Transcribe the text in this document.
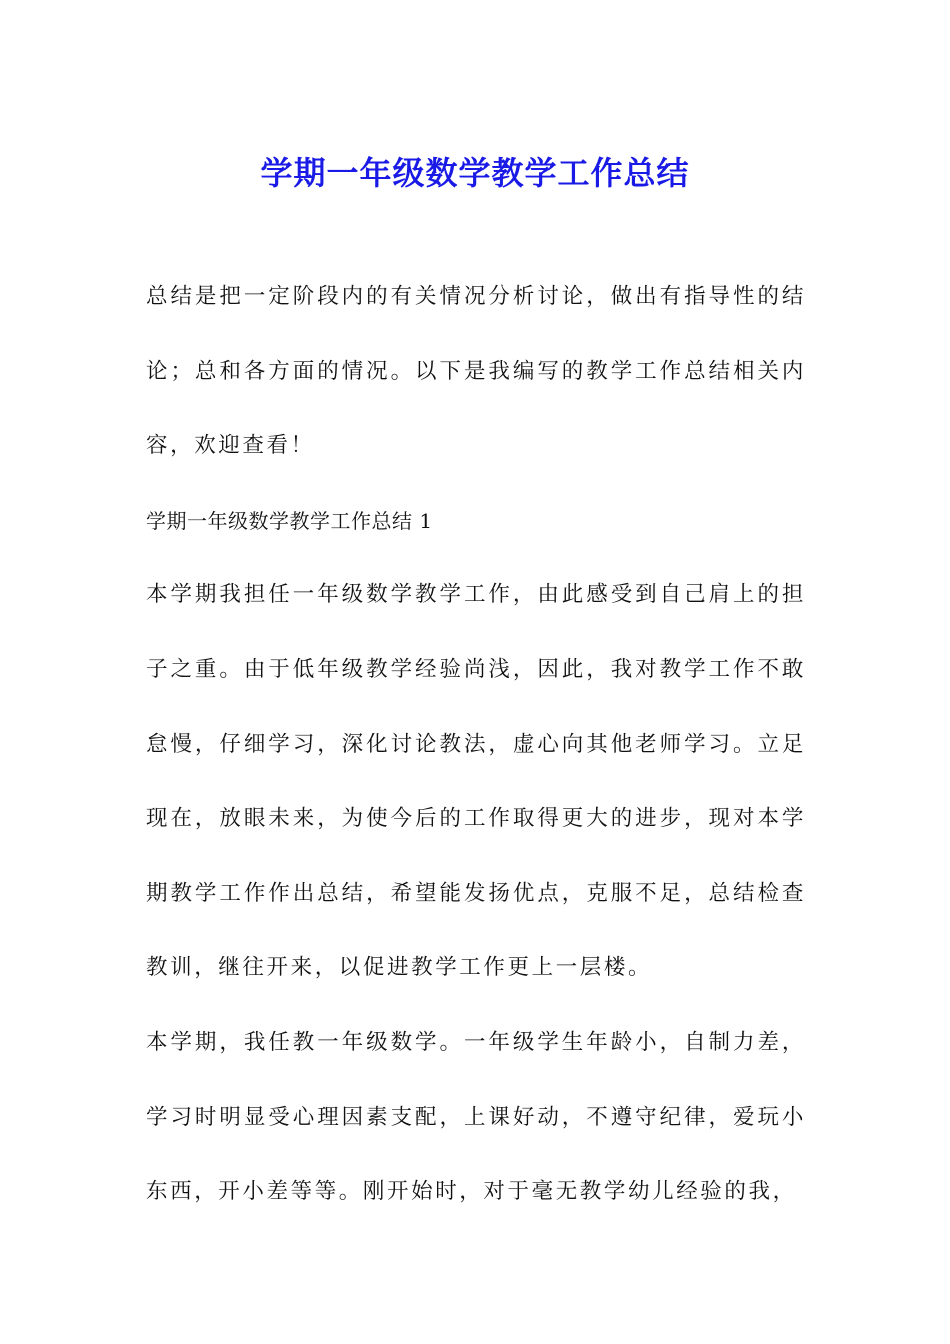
学期一年级数学教学工作总结

总结是把一定阶段内的有关情况分析讨论，做出有指导性的结论；总和各方面的情况。以下是我编写的教学工作总结相关内容，欢迎查看！

学期一年级数学教学工作总结 1

本学期我担任一年级数学教学工作，由此感受到自己肩上的担子之重。由于低年级教学经验尚浅，因此，我对教学工作不敢怠慢，仔细学习，深化讨论教法，虚心向其他老师学习。立足现在，放眼未来，为使今后的工作取得更大的进步，现对本学期教学工作作出总结，希望能发扬优点，克服不足，总结检查教训，继往开来，以促进教学工作更上一层楼。

本学期，我任教一年级数学。一年级学生年龄小，自制力差，学习时明显受心理因素支配，上课好动，不遵守纪律，爱玩小东西，开小差等等。刚开始时，对于毫无教学幼儿经验的我，
